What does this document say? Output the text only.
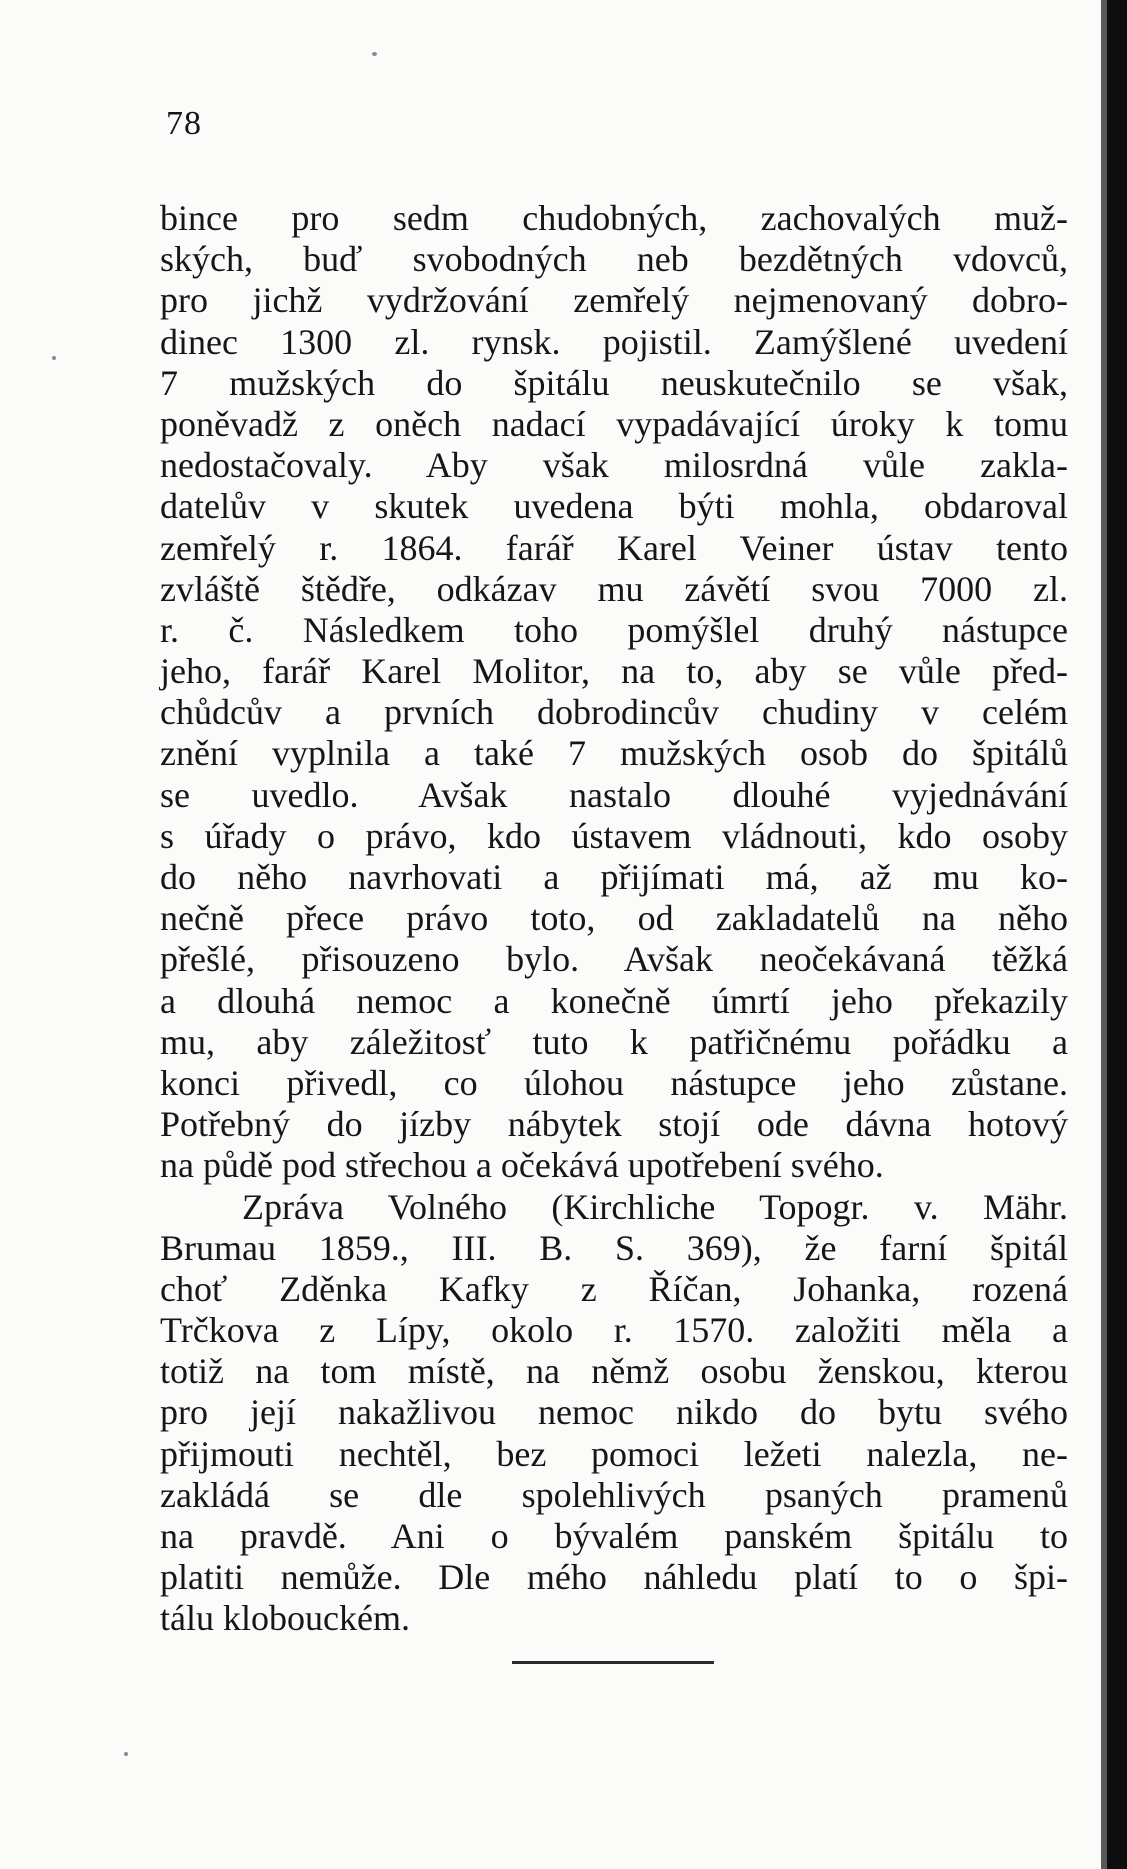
78
bince pro sedm chudobných, zachovalých muž-
ských, buď svobodných neb bezdětných vdovců,
pro jichž vydržování zemřelý nejmenovaný dobro-
dinec 1300 zl. rynsk. pojistil. Zamýšlené uvedení
7 mužských do špitálu neuskutečnilo se však,
poněvadž z oněch nadací vypadávající úroky k tomu
nedostačovaly. Aby však milosrdná vůle zakla-
datelův v skutek uvedena býti mohla, obdaroval
zemřelý r. 1864. farář Karel Veiner ústav tento
zvláště štědře, odkázav mu závětí svou 7000 zl.
r. č. Následkem toho pomýšlel druhý nástupce
jeho, farář Karel Molitor, na to, aby se vůle před-
chůdcův a prvních dobrodincův chudiny v celém
znění vyplnila a také 7 mužských osob do špitálů
se uvedlo. Avšak nastalo dlouhé vyjednávání
s úřady o právo, kdo ústavem vládnouti, kdo osoby
do něho navrhovati a přijímati má, až mu ko-
nečně přece právo toto, od zakladatelů na něho
přešlé, přisouzeno bylo. Avšak neočekávaná těžká
a dlouhá nemoc a konečně úmrtí jeho překazily
mu, aby záležitosť tuto k patřičnému pořádku a
konci přivedl, co úlohou nástupce jeho zůstane.
Potřebný do jízby nábytek stojí ode dávna hotový
na půdě pod střechou a očekává upotřebení svého.
Zpráva Volného (Kirchliche Topogr. v. Mähr.
Brumau 1859., III. B. S. 369), že farní špitál
choť Zděnka Kafky z Říčan, Johanka, rozená
Trčkova z Lípy, okolo r. 1570. založiti měla a
totiž na tom místě, na němž osobu ženskou, kterou
pro její nakažlivou nemoc nikdo do bytu svého
přijmouti nechtěl, bez pomoci ležeti nalezla, ne-
zakládá se dle spolehlivých psaných pramenů
na pravdě. Ani o bývalém panském špitálu to
platiti nemůže. Dle mého náhledu platí to o špi-
tálu klobouckém.
